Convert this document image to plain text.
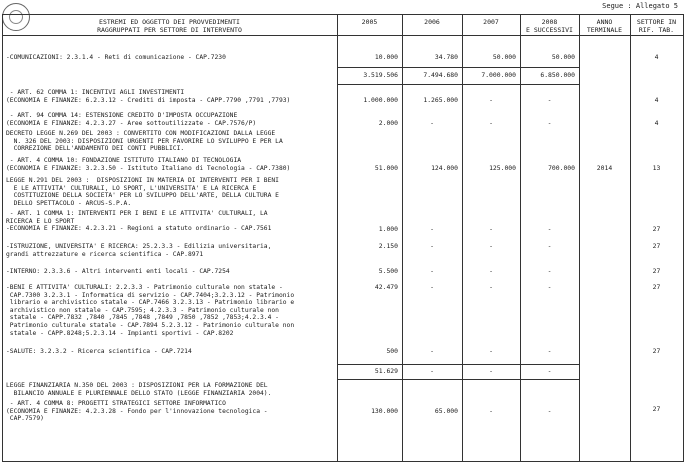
Segue : Allegato 5
ESTREMI ED OGGETTO DEI PROVVEDIMENTI
RAGGRUPPATI PER SETTORE DI INTERVENTO
2005	2006	2007	2008
E SUCCESSIVI
ANNO
TERMINALE
SETTORE IN
RIF. TAB.
-COMUNICAZIONI: 2.3.1.4 - Reti di comunicazione - CAP.7230	10.000	34.780	50.000	50.000	4
3.519.506	7.494.680	7.000.000	6.850.000
- ART. 62 COMMA 1: INCENTIVI AGLI INVESTIMENTI
(ECONOMIA E FINANZE: 6.2.3.12 - Crediti di imposta - CAPP.7790 ,7791 ,7793)	1.000.000	1.265.000	-	-	4
- ART. 94 COMMA 14: ESTENSIONE CREDITO D'IMPOSTA OCCUPAZIONE
(ECONOMIA E FINANZE: 4.2.3.27 - Aree sottoutilizzate - CAP.7576/P)	2.000	-	-	-	4
DECRETO LEGGE N.269 DEL 2003 : CONVERTITO CON MODIFICAZIONI DALLA LEGGE
N. 326 DEL 2003: DISPOSIZIONI URGENTI PER FAVORIRE LO SVILUPPO E PER LA
CORREZIONE DELL'ANDAMENTO DEI CONTI PUBBLICI.
- ART. 4 COMMA 10: FONDAZIONE ISTITUTO ITALIANO DI TECNOLOGIA
(ECONOMIA E FINANZE: 3.2.3.50 - Istituto Italiano di Tecnologia - CAP.7380)	51.000	124.000	125.000	700.000	2014	13
LEGGE N.291 DEL 2003 :  DISPOSIZIONI IN MATERIA DI INTERVENTI PER I BENI
E LE ATTIVITA' CULTURALI, LO SPORT, L'UNIVERSITA' E LA RICERCA E
COSTITUZIONE DELLA SOCIETA' PER LO SVILUPPO DELL'ARTE, DELLA CULTURA E
DELLO SPETTACOLO - ARCUS-S.P.A.
- ART. 1 COMMA 1: INTERVENTI PER I BENI E LE ATTIVITA' CULTURALI, LA
RICERCA E LO SPORT
-ECONOMIA E FINANZE: 4.2.3.21 - Regioni a statuto ordinario - CAP.7561	1.000	-	-	-	27
-ISTRUZIONE, UNIVERSITA' E RICERCA: 25.2.3.3 - Edilizia universitaria,
grandi attrezzature e ricerca scientifica - CAP.8971
2.150	-	-	-	27
-INTERNO: 2.3.3.6 - Altri interventi enti locali - CAP.7254	5.500	-	-	-	27
-BENI E ATTIVITA' CULTURALI: 2.2.3.3 - Patrimonio culturale non statale -
CAP.7300 3.2.3.1 - Informatica di servizio - CAP.7404;3.2.3.12 - Patrimonio
librario e archivistico statale - CAP.7466 3.2.3.13 - Patrimonio librario e
archivistico non statale - CAP.7595; 4.2.3.3 - Patrimonio culturale non
statale - CAPP.7832 ,7840 ,7845 ,7848 ,7849 ,7850 ,7852 ,7853;4.2.3.4 -
Patrimonio culturale statale - CAP.7894 5.2.3.12 - Patrimonio culturale non
statale - CAPP.8248;5.2.3.14 - Impianti sportivi - CAP.8202
42.479	-	-	-	27
-SALUTE: 3.2.3.2 - Ricerca scientifica - CAP.7214	500	-	-	-	27
51.629	-	-	-
LEGGE FINANZIARIA N.350 DEL 2003 : DISPOSIZIONI PER LA FORMAZIONE DEL
BILANCIO ANNUALE E PLURIENNALE DELLO STATO (LEGGE FINANZIARIA 2004).
- ART. 4 COMMA 8: PROGETTI STRATEGICI SETTORE INFORMATICO
(ECONOMIA E FINANZE: 4.2.3.28 - Fondo per l'innovazione tecnologica -
CAP.7579)
130.000	65.000	-	-	27
